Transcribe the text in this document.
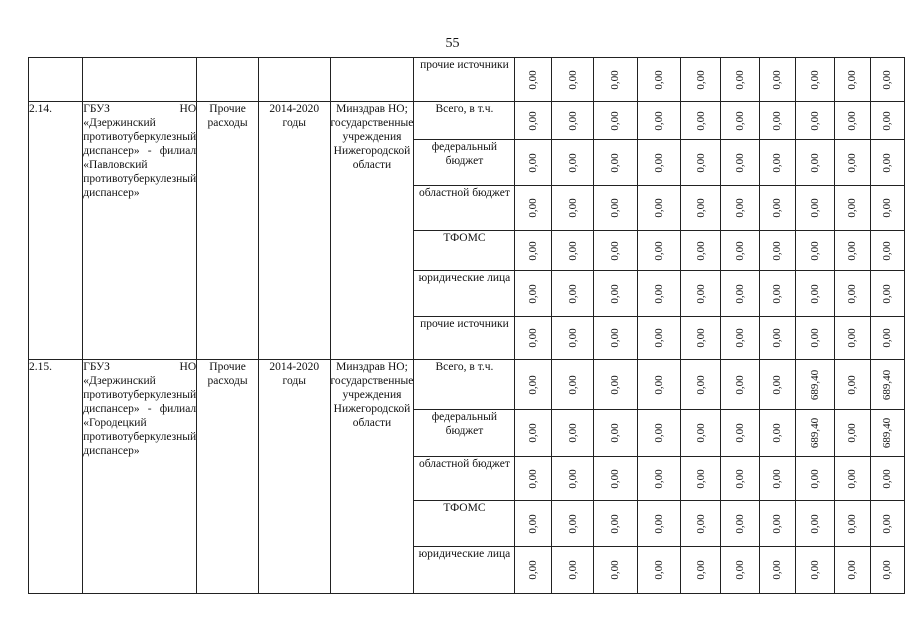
55
					прочие источники	0,00	0,00	0,00	0,00	0,00	0,00	0,00	0,00	0,00	0,00

2.14.	ГБУЗ НО «Дзержинский противотуберкулезный диспансер» - филиал «Павловский противотуберкулезный диспансер»	Прочие расходы	2014-2020 годы	Минздрав НО; государственные учреждения Нижегородской области	Всего, в т.ч.	0,00	0,00	0,00	0,00	0,00	0,00	0,00	0,00	0,00	0,00

					федеральный бюджет	0,00	0,00	0,00	0,00	0,00	0,00	0,00	0,00	0,00	0,00

					областной бюджет	0,00	0,00	0,00	0,00	0,00	0,00	0,00	0,00	0,00	0,00

					ТФОМС	0,00	0,00	0,00	0,00	0,00	0,00	0,00	0,00	0,00	0,00

					юридические лица	0,00	0,00	0,00	0,00	0,00	0,00	0,00	0,00	0,00	0,00

					прочие источники	0,00	0,00	0,00	0,00	0,00	0,00	0,00	0,00	0,00	0,00

2.15.	ГБУЗ НО «Дзержинский противотуберкулезный диспансер» - филиал «Городецкий противотуберкулезный диспансер»	Прочие расходы	2014-2020 годы	Минздрав НО; государственные учреждения Нижегородской области	Всего, в т.ч.	0,00	0,00	0,00	0,00	0,00	0,00	0,00	689,40	0,00	689,40

					федеральный бюджет	0,00	0,00	0,00	0,00	0,00	0,00	0,00	689,40	0,00	689,40

					областной бюджет	0,00	0,00	0,00	0,00	0,00	0,00	0,00	0,00	0,00	0,00

					ТФОМС	0,00	0,00	0,00	0,00	0,00	0,00	0,00	0,00	0,00	0,00

					юридические лица	0,00	0,00	0,00	0,00	0,00	0,00	0,00	0,00	0,00	0,00
